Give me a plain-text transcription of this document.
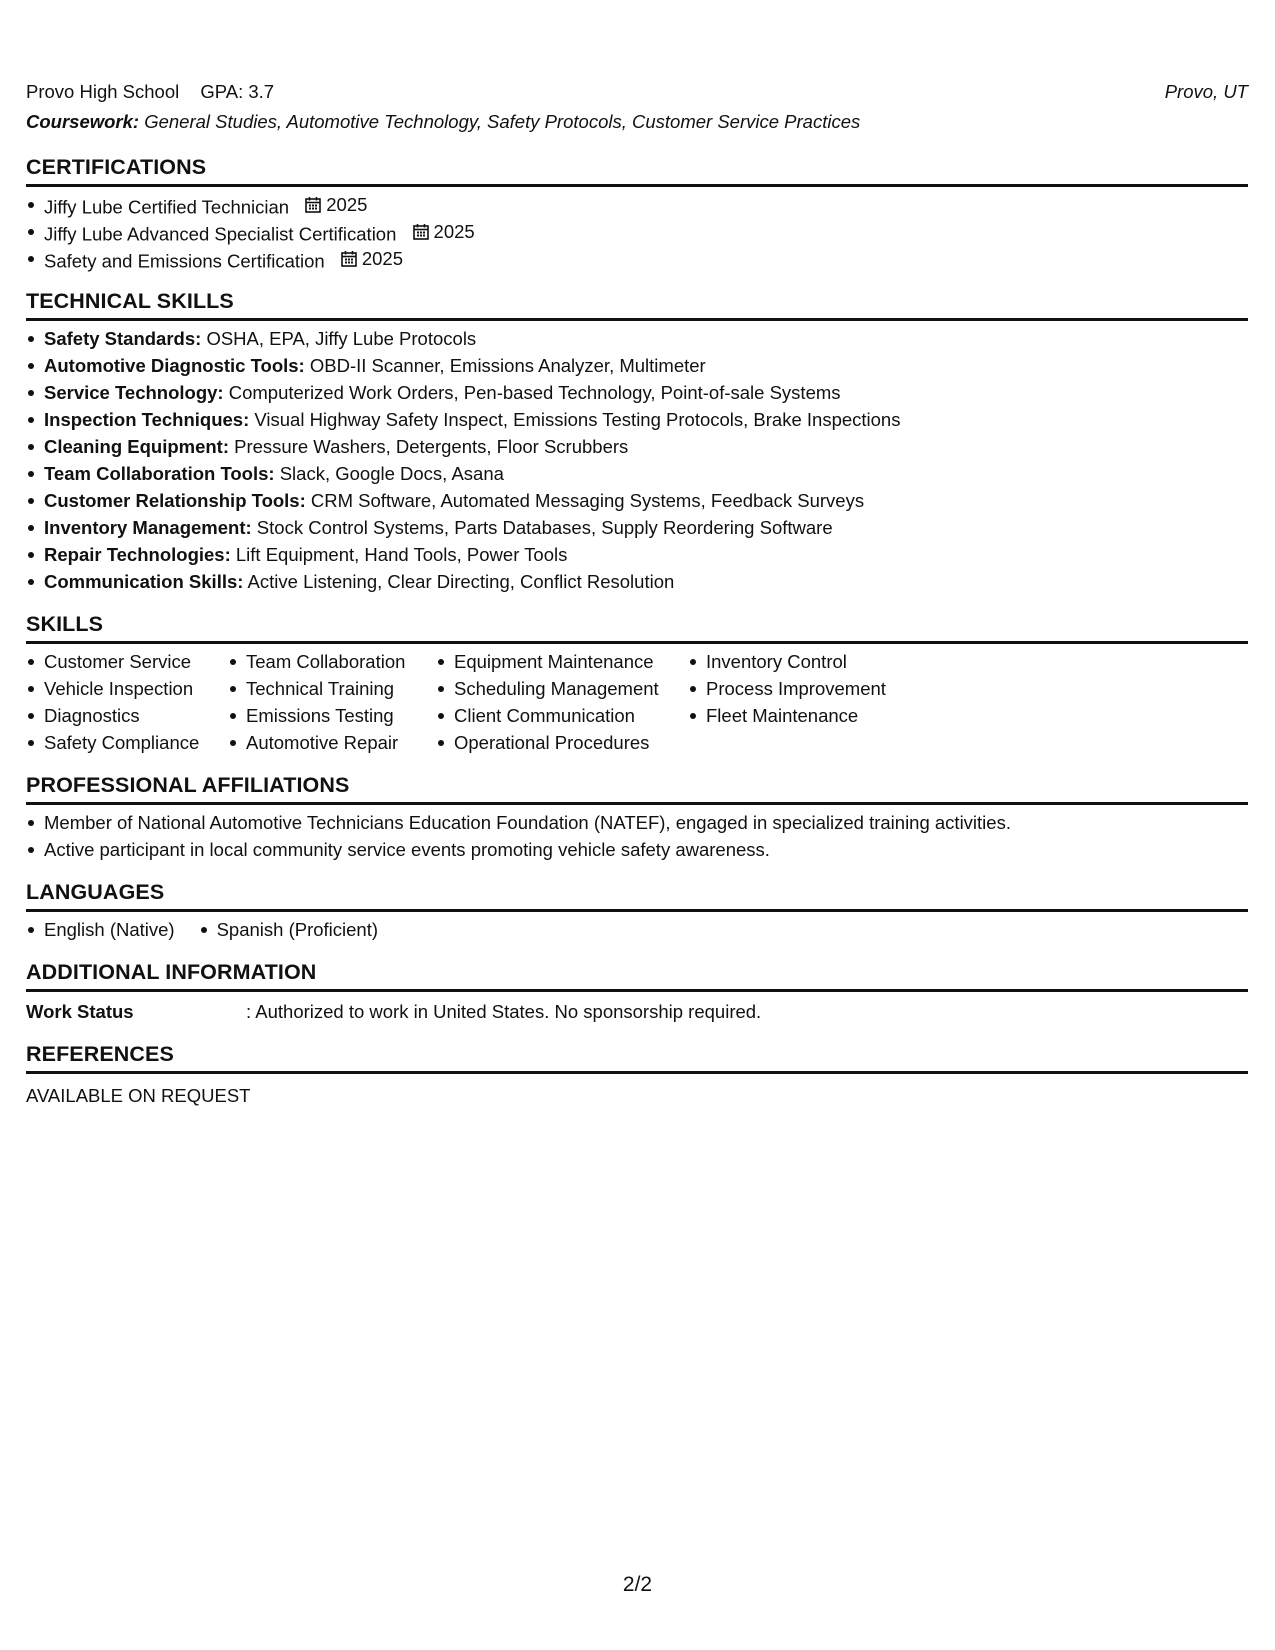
Provo High School GPA: 3.7	Provo, UT
Coursework: General Studies, Automotive Technology, Safety Protocols, Customer Service Practices
CERTIFICATIONS
Jiffy Lube Certified Technician 2025
Jiffy Lube Advanced Specialist Certification 2025
Safety and Emissions Certification 2025
TECHNICAL SKILLS
Safety Standards: OSHA, EPA, Jiffy Lube Protocols
Automotive Diagnostic Tools: OBD-II Scanner, Emissions Analyzer, Multimeter
Service Technology: Computerized Work Orders, Pen-based Technology, Point-of-sale Systems
Inspection Techniques: Visual Highway Safety Inspect, Emissions Testing Protocols, Brake Inspections
Cleaning Equipment: Pressure Washers, Detergents, Floor Scrubbers
Team Collaboration Tools: Slack, Google Docs, Asana
Customer Relationship Tools: CRM Software, Automated Messaging Systems, Feedback Surveys
Inventory Management: Stock Control Systems, Parts Databases, Supply Reordering Software
Repair Technologies: Lift Equipment, Hand Tools, Power Tools
Communication Skills: Active Listening, Clear Directing, Conflict Resolution
SKILLS
Customer Service
Vehicle Inspection
Diagnostics
Safety Compliance
Team Collaboration
Technical Training
Emissions Testing
Automotive Repair
Equipment Maintenance
Scheduling Management
Client Communication
Operational Procedures
Inventory Control
Process Improvement
Fleet Maintenance
PROFESSIONAL AFFILIATIONS
Member of National Automotive Technicians Education Foundation (NATEF), engaged in specialized training activities.
Active participant in local community service events promoting vehicle safety awareness.
LANGUAGES
English (Native)	Spanish (Proficient)
ADDITIONAL INFORMATION
Work Status	: Authorized to work in United States. No sponsorship required.
REFERENCES
AVAILABLE ON REQUEST
2/2
